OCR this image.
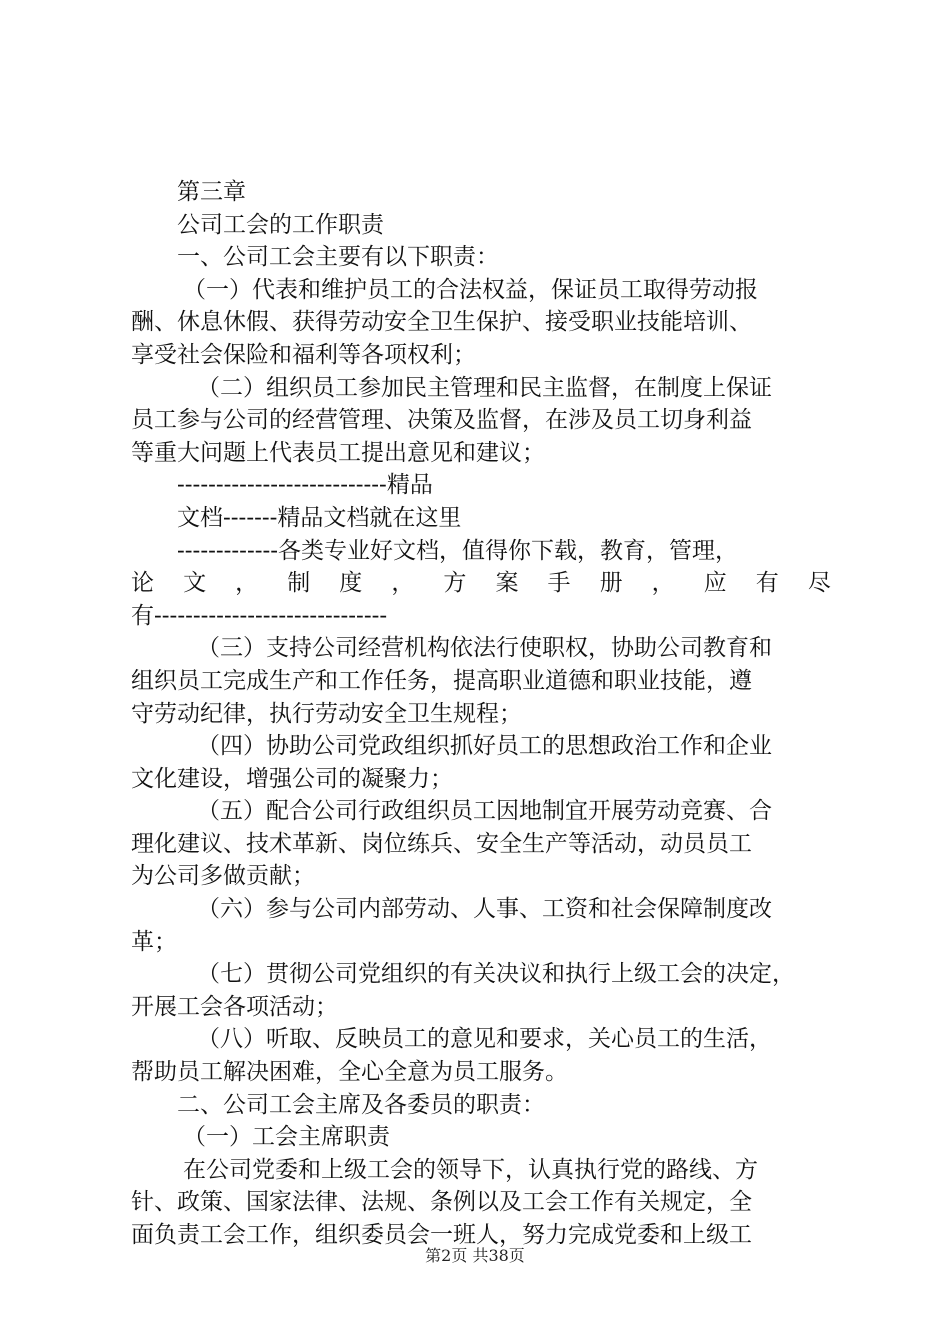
第三章
公司工会的工作职责
一、公司工会主要有以下职责：
（一）代表和维护员工的合法权益，保证员工取得劳动报
酬、休息休假、获得劳动安全卫生保护、接受职业技能培训、
享受社会保险和福利等各项权利；
（二）组织员工参加民主管理和民主监督，在制度上保证
员工参与公司的经营管理、决策及监督，在涉及员工切身利益
等重大问题上代表员工提出意见和建议；
---------------------------精品
文档-------精品文档就在这里
-------------各类专业好文档，值得你下载，教育，管理，
论 文 ， 制 度 ， 方 案 手 册 ， 应 有 尽
有------------------------------
（三）支持公司经营机构依法行使职权，协助公司教育和
组织员工完成生产和工作任务，提高职业道德和职业技能，遵
守劳动纪律，执行劳动安全卫生规程；
（四）协助公司党政组织抓好员工的思想政治工作和企业
文化建设，增强公司的凝聚力；
（五）配合公司行政组织员工因地制宜开展劳动竞赛、合
理化建议、技术革新、岗位练兵、安全生产等活动，动员员工
为公司多做贡献；
（六）参与公司内部劳动、人事、工资和社会保障制度改
革；
（七）贯彻公司党组织的有关决议和执行上级工会的决定，
开展工会各项活动；
（八）听取、反映员工的意见和要求，关心员工的生活，
帮助员工解决困难，全心全意为员工服务。
二、公司工会主席及各委员的职责：
（一）工会主席职责
在公司党委和上级工会的领导下，认真执行党的路线、方
针、政策、国家法律、法规、条例以及工会工作有关规定，全
面负责工会工作，组织委员会一班人，努力完成党委和上级工
第2页 共38页
